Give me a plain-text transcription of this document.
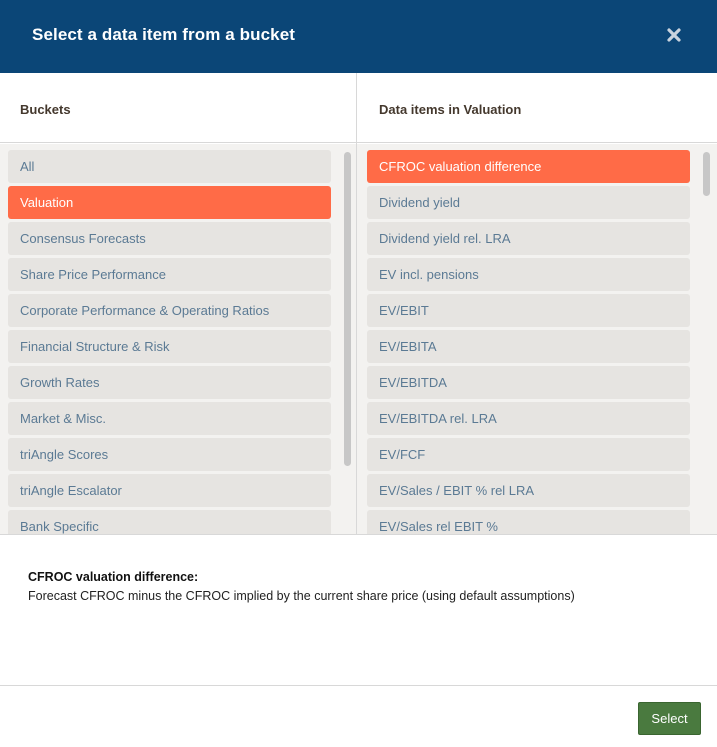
Select a data item from a bucket
Buckets	Data items in Valuation
All
Valuation
Consensus Forecasts
Share Price Performance
Corporate Performance & Operating Ratios
Financial Structure & Risk
Growth Rates
Market & Misc.
triAngle Scores
triAngle Escalator
Bank Specific
CFROC valuation difference
Dividend yield
Dividend yield rel. LRA
EV incl. pensions
EV/EBIT
EV/EBITA
EV/EBITDA
EV/EBITDA rel. LRA
EV/FCF
EV/Sales / EBIT % rel LRA
EV/Sales rel EBIT %
CFROC valuation difference:
Forecast CFROC minus the CFROC implied by the current share price (using default assumptions)
Select
